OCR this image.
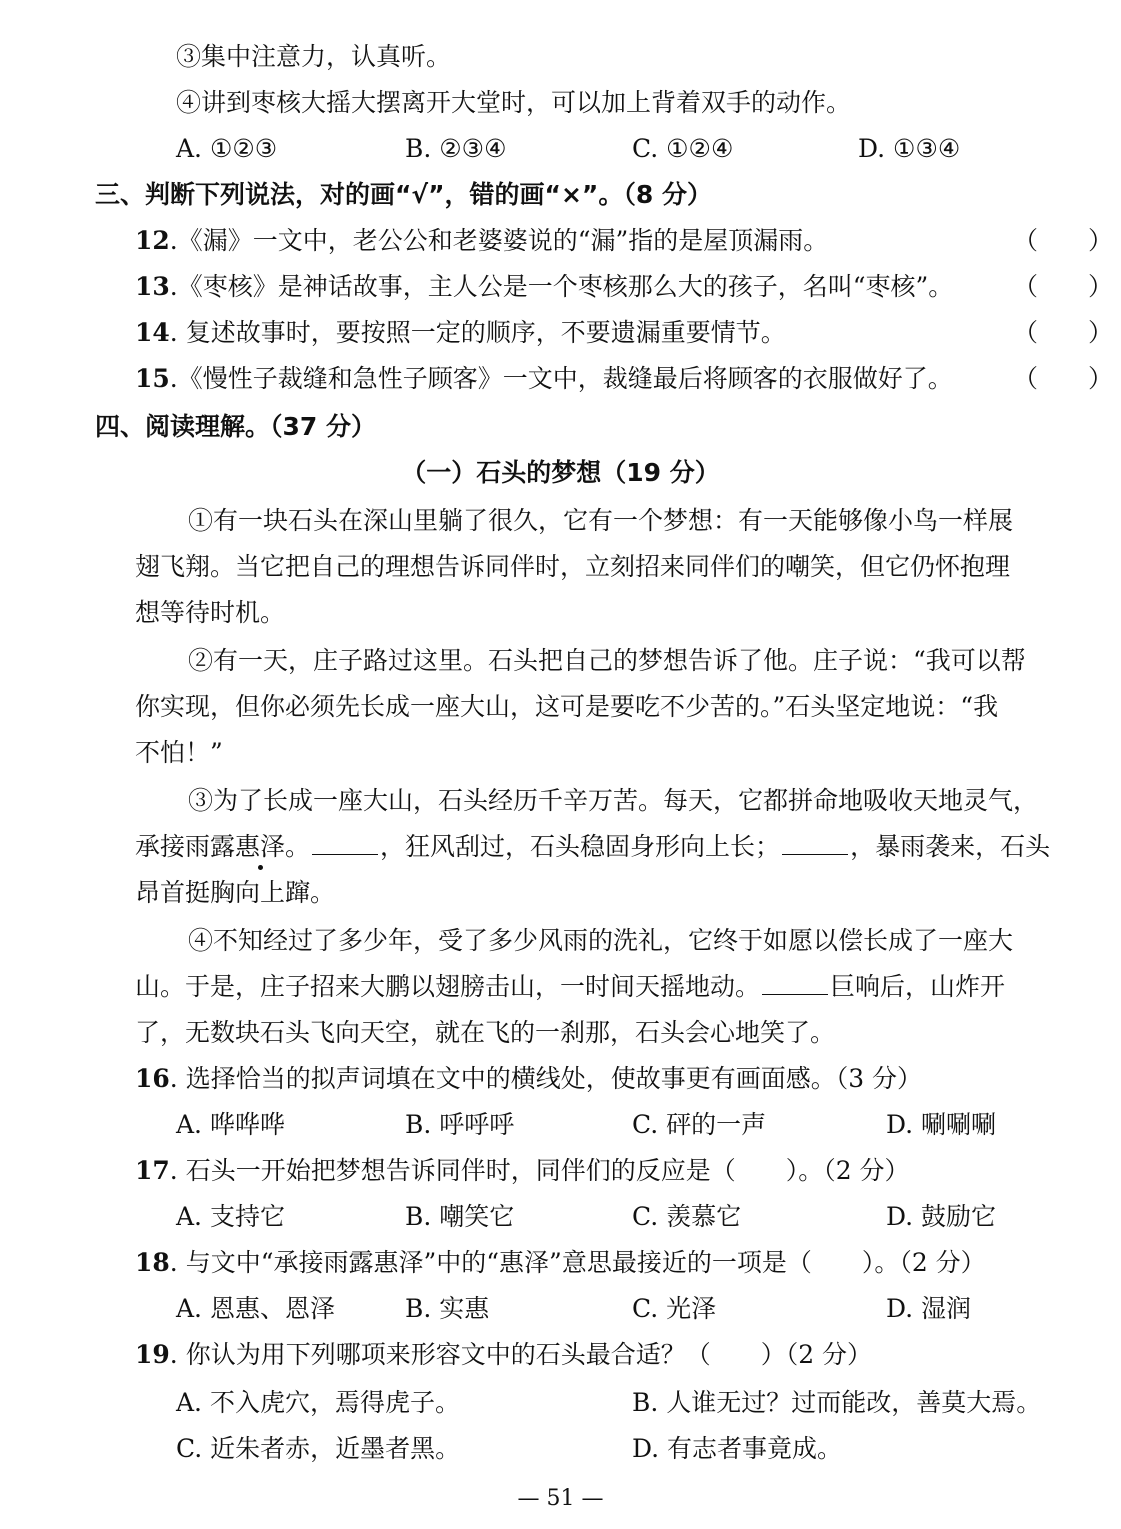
③集中注意力，认真听。
④讲到枣核大摇大摆离开大堂时，可以加上背着双手的动作。
A. ①②③	B. ②③④	C. ①②④	D. ①③④
三、判断下列说法，对的画“√”，错的画“×”。（8 分）
12.《漏》一文中，老公公和老婆婆说的“漏”指的是屋顶漏雨。	（　　）
13.《枣核》是神话故事，主人公是一个枣核那么大的孩子，名叫“枣核”。 （　　）
14. 复述故事时，要按照一定的顺序，不要遗漏重要情节。	（　　）
15.《慢性子裁缝和急性子顾客》一文中，裁缝最后将顾客的衣服做好了。 （　　）
四、阅读理解。（37 分）
（一）石头的梦想（19 分）
①有一块石头在深山里躺了很久，它有一个梦想：有一天能够像小鸟一样展
翅飞翔。当它把自己的理想告诉同伴时，立刻招来同伴们的嘲笑，但它仍怀抱理
想等待时机。
②有一天，庄子路过这里。石头把自己的梦想告诉了他。庄子说：“我可以帮
你实现，但你必须先长成一座大山，这可是要吃不少苦的。”石头坚定地说：“我
不怕！”
③为了长成一座大山，石头经历千辛万苦。每天，它都拼命地吸收天地灵气，
承接雨露惠泽。	，狂风刮过，石头稳固身形向上长；	，暴雨袭来，石头
昂首挺胸向上蹿。
④不知经过了多少年，受了多少风雨的洗礼，它终于如愿以偿长成了一座大
山。于是，庄子招来大鹏以翅膀击山，一时间天摇地动。	巨响后，山炸开
了，无数块石头飞向天空，就在飞的一刹那，石头会心地笑了。
16. 选择恰当的拟声词填在文中的横线处，使故事更有画面感。（3 分）
A. 哗哗哗	B. 呼呼呼	C. 砰的一声	D. 唰唰唰
17. 石头一开始把梦想告诉同伴时，同伴们的反应是（　　）。（2 分）
A. 支持它	B. 嘲笑它	C. 羡慕它	D. 鼓励它
18. 与文中“承接雨露惠泽”中的“惠泽”意思最接近的一项是（　　）。（2 分）
A. 恩惠、恩泽	B. 实惠	C. 光泽	D. 湿润
19. 你认为用下列哪项来形容文中的石头最合适？（　　）（2 分）
A. 不入虎穴，焉得虎子。	B. 人谁无过？过而能改，善莫大焉。
C. 近朱者赤，近墨者黑。	D. 有志者事竟成。
— 51 —
